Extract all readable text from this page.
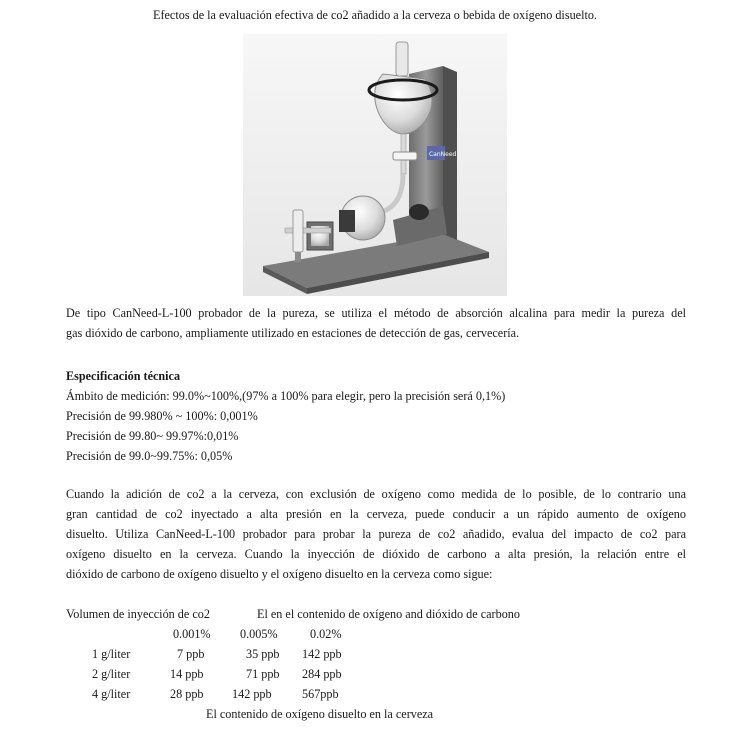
Efectos de la evaluación efectiva de co2 añadido a la cerveza o bebida de oxígeno disuelto.
CanNeed
De tipo CanNeed-L-100 probador de la pureza, se utiliza el método de absorción alcalina para medir la pureza del
gas dióxido de carbono, ampliamente utilizado en estaciones de detección de gas, cervecería.
Especificación técnica
Ámbito de medición: 99.0%~100%,(97% a 100% para elegir, pero la precisión será 0,1%)
Precisión de 99.980% ~ 100%: 0,001%
Precisión de 99.80~ 99.97%:0,01%
Precisión de 99.0~99.75%: 0,05%
Cuando la adición de co2 a la cerveza, con exclusión de oxígeno como medida de lo posible, de lo contrario una
gran cantidad de co2 inyectado a alta presión en la cerveza, puede conducir a un rápido aumento de oxígeno
disuelto. Utiliza CanNeed-L-100 probador para probar la pureza de co2 añadido, evalua del impacto de co2 para
oxígeno disuelto en la cerveza. Cuando la inyección de dióxido de carbono a alta presión, la relación entre el
dióxido de carbono de oxígeno disuelto y el oxígeno disuelto en la cerveza como sigue:
Volumen de inyección de co2	El en el contenido de oxígeno and dióxido de carbono
0.001% 0.005%	0.02%
1 g/liter	7 ppb	35 ppb 142 ppb
2 g/liter	14 ppb	71 ppb 284 ppb
4 g/liter	28 ppb 142 ppb 567ppb
El contenido de oxígeno disuelto en la cerveza
